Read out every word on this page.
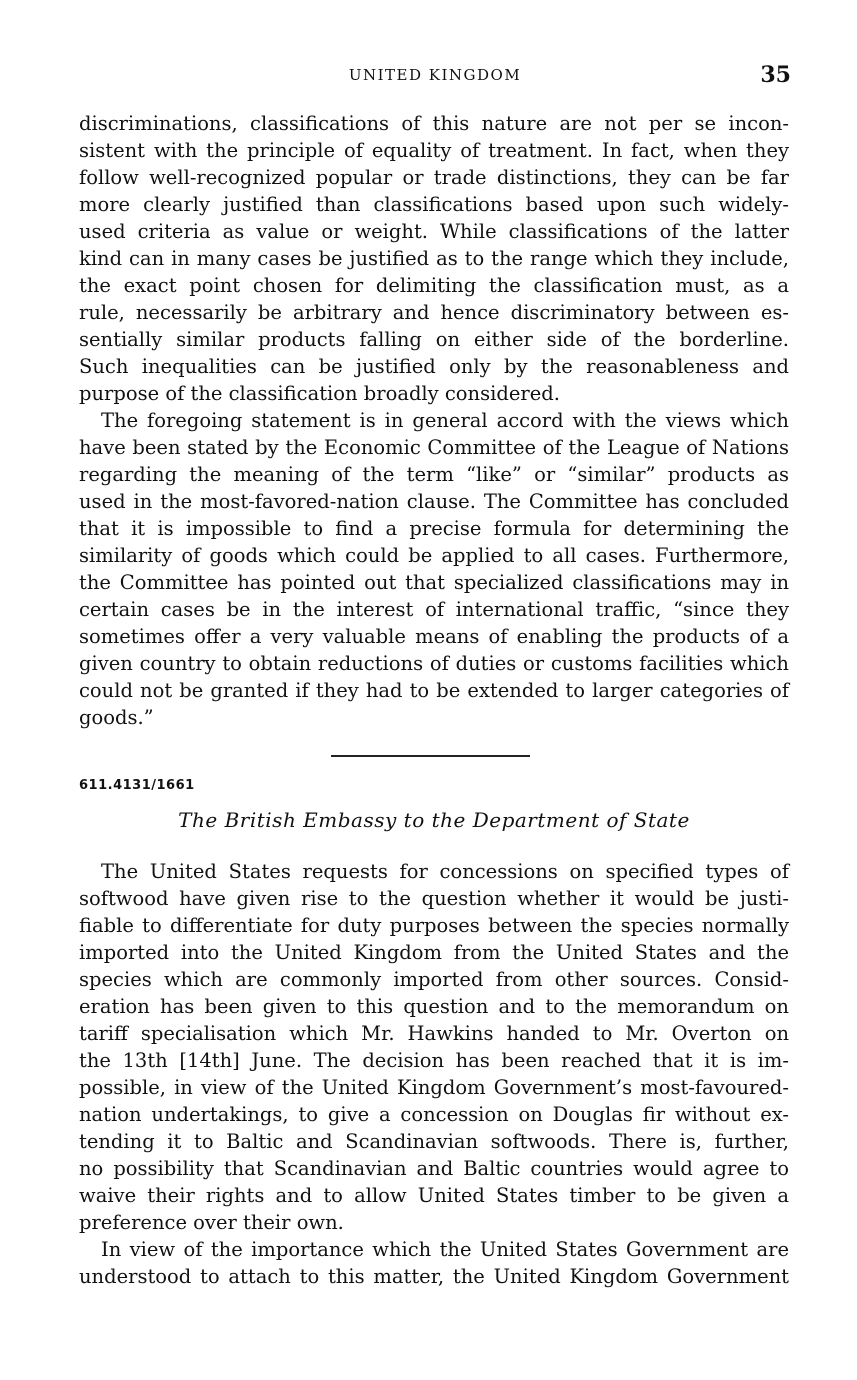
UNITED KINGDOM	35
discriminations, classifications of this nature are not per se incon-
sistent with the principle of equality of treatment. In fact, when they
follow well-recognized popular or trade distinctions, they can be far
more clearly justified than classifications based upon such widely-
used criteria as value or weight. While classifications of the latter
kind can in many cases be justified as to the range which they include,
the exact point chosen for delimiting the classification must, as a
rule, necessarily be arbitrary and hence discriminatory between es-
sentially similar products falling on either side of the borderline.
Such inequalities can be justified only by the reasonableness and
purpose of the classification broadly considered.
The foregoing statement is in general accord with the views which
have been stated by the Economic Committee of the League of Nations
regarding the meaning of the term “like” or “similar” products as
used in the most-favored-nation clause. The Committee has concluded
that it is impossible to find a precise formula for determining the
similarity of goods which could be applied to all cases. Furthermore,
the Committee has pointed out that specialized classifications may in
certain cases be in the interest of international traffic, “since they
sometimes offer a very valuable means of enabling the products of a
given country to obtain reductions of duties or customs facilities which
could not be granted if they had to be extended to larger categories of
goods.”
611.4131/1661
The British Embassy to the Department of State
The United States requests for concessions on specified types of
softwood have given rise to the question whether it would be justi-
fiable to differentiate for duty purposes between the species normally
imported into the United Kingdom from the United States and the
species which are commonly imported from other sources. Consid-
eration has been given to this question and to the memorandum on
tariff specialisation which Mr. Hawkins handed to Mr. Overton on
the 13th [14th] June. The decision has been reached that it is im-
possible, in view of the United Kingdom Government’s most-favoured-
nation undertakings, to give a concession on Douglas fir without ex-
tending it to Baltic and Scandinavian softwoods. There is, further,
no possibility that Scandinavian and Baltic countries would agree to
waive their rights and to allow United States timber to be given a
preference over their own.
In view of the importance which the United States Government are
understood to attach to this matter, the United Kingdom Government
